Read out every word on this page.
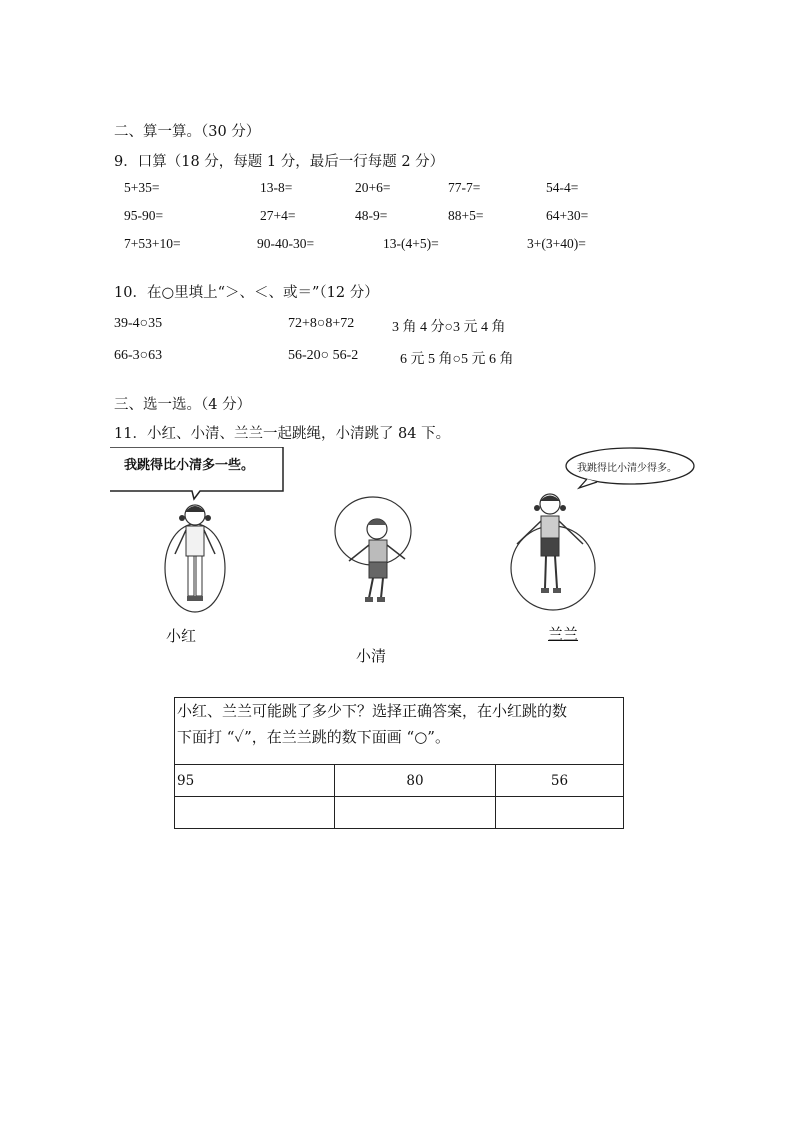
二、算一算。（30 分）
9．口算（18 分，每题 1 分，最后一行每题 2 分）
5+35=	13-8=	20+6=	77-7=	54-4=
95-90=	27+4=	48-9=	88+5=	64+30=
7+53+10=	90-40-30=	13-(4+5)=	3+(3+40)=
10．在○里填上“＞、＜、或＝”（12 分）
39-4○35	72+8○8+72	3 角 4 分○3 元 4 角
66-3○63	56-20○ 56-2	6 元 5 角○5 元 6 角
三、选一选。（4 分）
11．小红、小清、兰兰一起跳绳，小清跳了 84 下。
我跳得比小清多一些。	我跳得比小清少得多。
小红
小清
兰兰
小红、兰兰可能跳了多少下？选择正确答案，在小红跳的数
下面打 “✓”，在兰兰跳的数下面画 “○”。		

95	80	56
